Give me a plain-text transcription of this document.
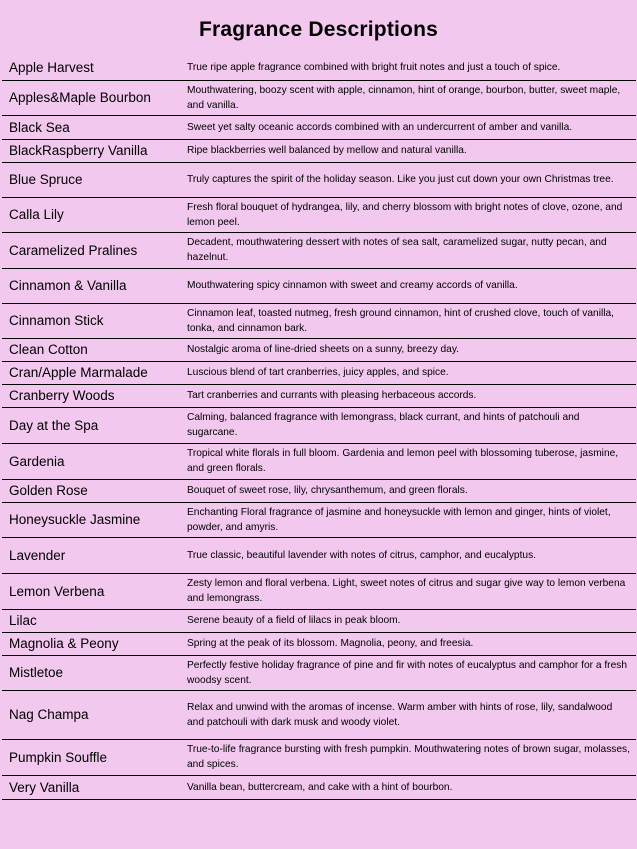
Fragrance Descriptions
Apple Harvest	True ripe apple fragrance combined with bright fruit notes and just a touch of spice.
Apples&Maple Bourbon	Mouthwatering, boozy scent with apple, cinnamon, hint of orange, bourbon, butter, sweet maple, and vanilla.
Black Sea	Sweet yet salty oceanic accords combined with an undercurrent of amber and vanilla.
BlackRaspberry Vanilla	Ripe blackberries well balanced by mellow and natural vanilla.
Blue Spruce	Truly captures the spirit of the holiday season. Like you just cut down your own Christmas tree.
Calla Lily	Fresh floral bouquet of hydrangea, lily, and cherry blossom with bright notes of clove, ozone, and lemon peel.
Caramelized Pralines	Decadent, mouthwatering dessert with notes of sea salt, caramelized sugar, nutty pecan, and hazelnut.
Cinnamon & Vanilla	Mouthwatering spicy cinnamon with sweet and creamy accords of vanilla.
Cinnamon Stick	Cinnamon leaf, toasted nutmeg, fresh ground cinnamon, hint of crushed clove, touch of vanilla, tonka, and cinnamon bark.
Clean Cotton	Nostalgic aroma of line-dried sheets on a sunny, breezy day.
Cran/Apple Marmalade	Luscious blend of tart cranberries, juicy apples, and spice.
Cranberry Woods	Tart cranberries and currants with pleasing herbaceous accords.
Day at the Spa	Calming, balanced fragrance with lemongrass, black currant, and hints of patchouli and sugarcane.
Gardenia	Tropical white florals in full bloom. Gardenia and lemon peel with blossoming tuberose, jasmine, and green florals.
Golden Rose	Bouquet of sweet rose, lily, chrysanthemum, and green florals.
Honeysuckle Jasmine	Enchanting Floral fragrance of jasmine and honeysuckle with lemon and ginger, hints of violet, powder, and amyris.
Lavender	True classic, beautiful lavender with notes of citrus, camphor, and eucalyptus.
Lemon Verbena	Zesty lemon and floral verbena. Light, sweet notes of citrus and sugar give way to lemon verbena and lemongrass.
Lilac	Serene beauty of a field of lilacs in peak bloom.
Magnolia & Peony	Spring at the peak of its blossom. Magnolia, peony, and freesia.
Mistletoe	Perfectly festive holiday fragrance of pine and fir with notes of eucalyptus and camphor for a fresh woodsy scent.
Nag Champa	Relax and unwind with the aromas of incense. Warm amber with hints of rose, lily, sandalwood and patchouli with dark musk and woody violet.
Pumpkin Souffle	True-to-life fragrance bursting with fresh pumpkin. Mouthwatering notes of brown sugar, molasses, and spices.
Very Vanilla	Vanilla bean, buttercream, and cake with a hint of bourbon.
